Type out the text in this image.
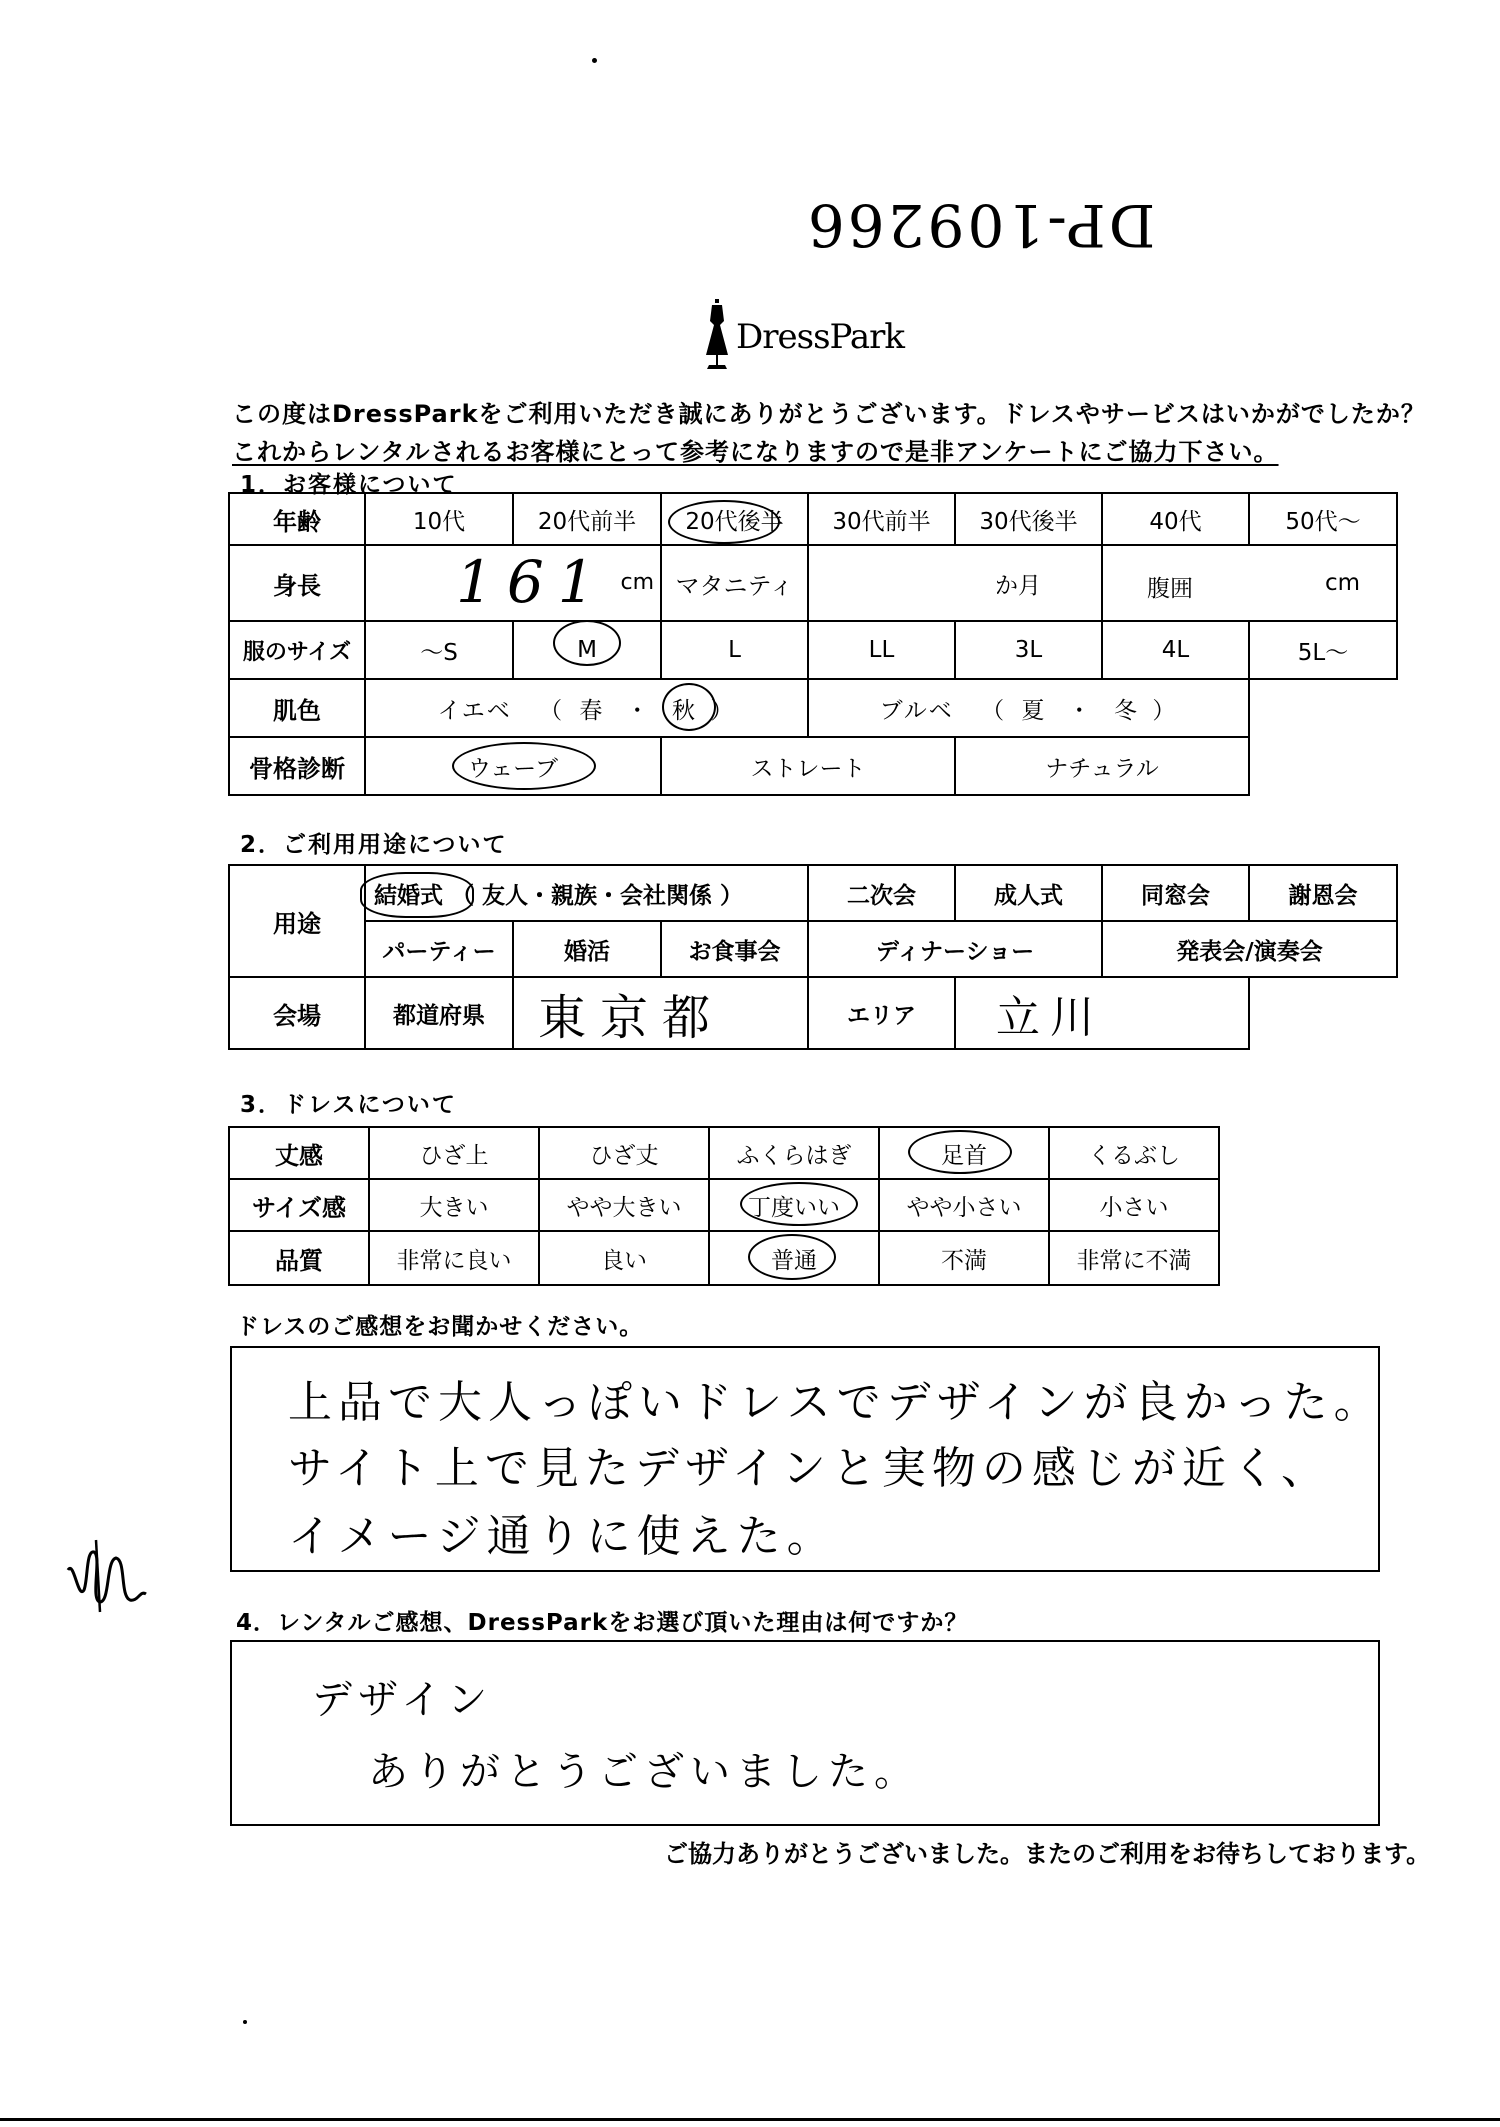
DP-109266
DressPark
この度はDressParkをご利用いただき誠にありがとうございます。ドレスやサービスはいかがでしたか？
これからレンタルされるお客様にとって参考になりますので是非アンケートにご協力下さい。
1．お客様について
年齢	10代	20代前半	20代後半	30代前半	30代後半	40代	50代～
身長	161 cm		マタニティ	か月		腹囲 cm	

服のサイズ	～S	M	L	LL	3L	4L	5L～
肌色	イエベ （ 春 ・ 秋 ）			ブルベ （ 夏 ・ 冬 ）			
骨格診断	ウェーブ		ストレート		ナチュラル		
2．ご利用用途について
用途	結婚式 （ 友人・親族・会社関係 ）			二次会	成人式	同窓会	謝恩会
	パーティー	婚活	お食事会	ディナーショー		発表会/演奏会	
会場	都道府県	東京都		エリア	立川		
3．ドレスについて
丈感	ひざ上	ひざ丈	ふくらはぎ	足首	くるぶし
サイズ感	大きい	やや大きい	丁度いい	やや小さい	小さい
品質	非常に良い	良い	普通	不満	非常に不満
ドレスのご感想をお聞かせください。
上品で大人っぽいドレスでデザインが良かった。
サイト上で見たデザインと実物の感じが近く、
イメージ通りに使えた。
4．レンタルご感想、DressParkをお選び頂いた理由は何ですか？
デザイン
ありがとうございました。
ご協力ありがとうございました。またのご利用をお待ちしております。
